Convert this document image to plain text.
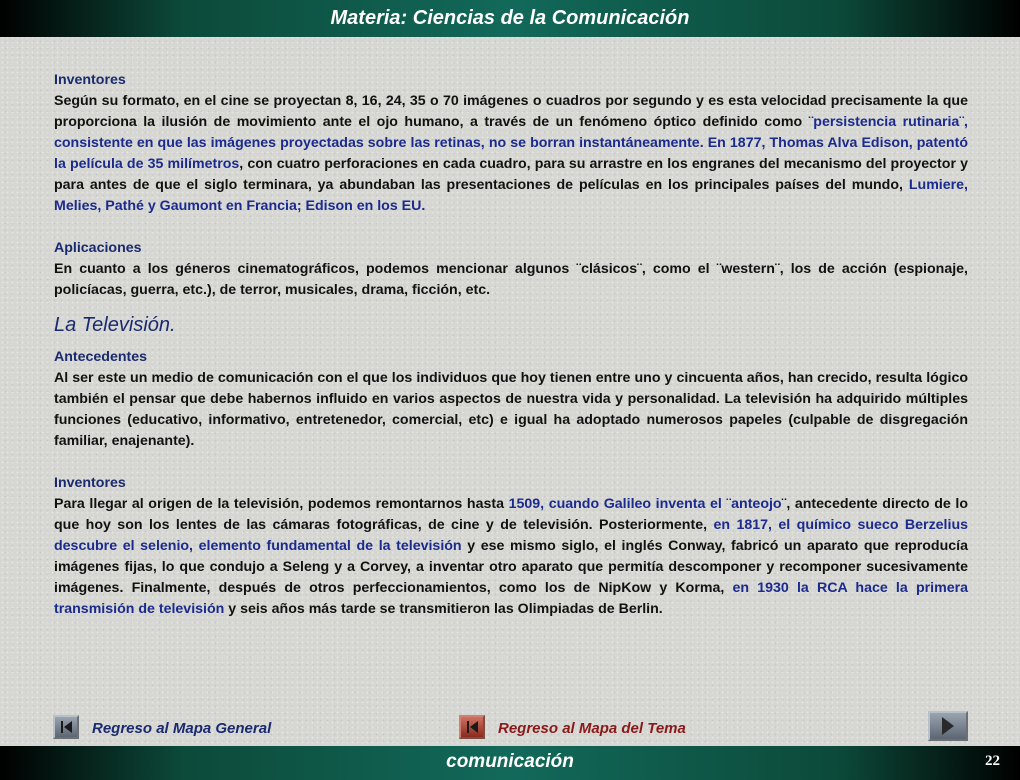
Materia: Ciencias de la Comunicación
Inventores

Según su formato, en el cine se proyectan 8, 16, 24, 35 o 70 imágenes o cuadros por segundo y es esta velocidad precisamente la que proporciona la ilusión de movimiento ante el ojo humano, a través de un fenómeno óptico definido como ¨persistencia rutinaria¨, consistente en que las imágenes proyectadas sobre las retinas, no se borran instantáneamente. En 1877, Thomas Alva Edison, patentó la película de 35 milímetros, con cuatro perforaciones en cada cuadro, para su arrastre en los engranes del mecanismo del proyector y para antes de que el siglo terminara, ya abundaban las presentaciones de películas en los principales países del mundo, Lumiere, Melies, Pathé y Gaumont en Francia; Edison en los EU.

Aplicaciones

En cuanto a los géneros cinematográficos, podemos mencionar algunos ¨clásicos¨, como el ¨western¨, los de acción (espionaje, policíacas, guerra, etc.), de terror, musicales, drama, ficción, etc.

La Televisión.
Antecedentes

Al ser este un medio de comunicación con el que los individuos que hoy tienen entre uno y cincuenta años, han crecido, resulta lógico también el pensar que debe habernos influido en varios aspectos de nuestra vida y personalidad. La televisión ha adquirido múltiples funciones (educativo, informativo, entretenedor, comercial, etc) e igual ha adoptado numerosos papeles (culpable de disgregación familiar, enajenante).

Inventores

Para llegar al origen de la televisión, podemos remontarnos hasta 1509, cuando Galileo inventa el ¨anteojo¨, antecedente directo de lo que hoy son los lentes de las cámaras fotográficas, de cine y de televisión. Posteriormente, en 1817, el químico sueco Berzelius descubre el selenio, elemento fundamental de la televisión y ese mismo siglo, el inglés Conway, fabricó un aparato que reproducía imágenes fijas, lo que condujo a Seleng y a Corvey, a inventar otro aparato que permitía descomponer y recomponer sucesivamente imágenes. Finalmente, después de otros perfeccionamientos, como los de NipKow y Korma, en 1930 la RCA hace la primera transmisión de televisión y seis años más tarde se transmitieron las Olimpiadas de Berlin.

Regreso al Mapa General	Regreso al Mapa del Tema
comunicación	22
